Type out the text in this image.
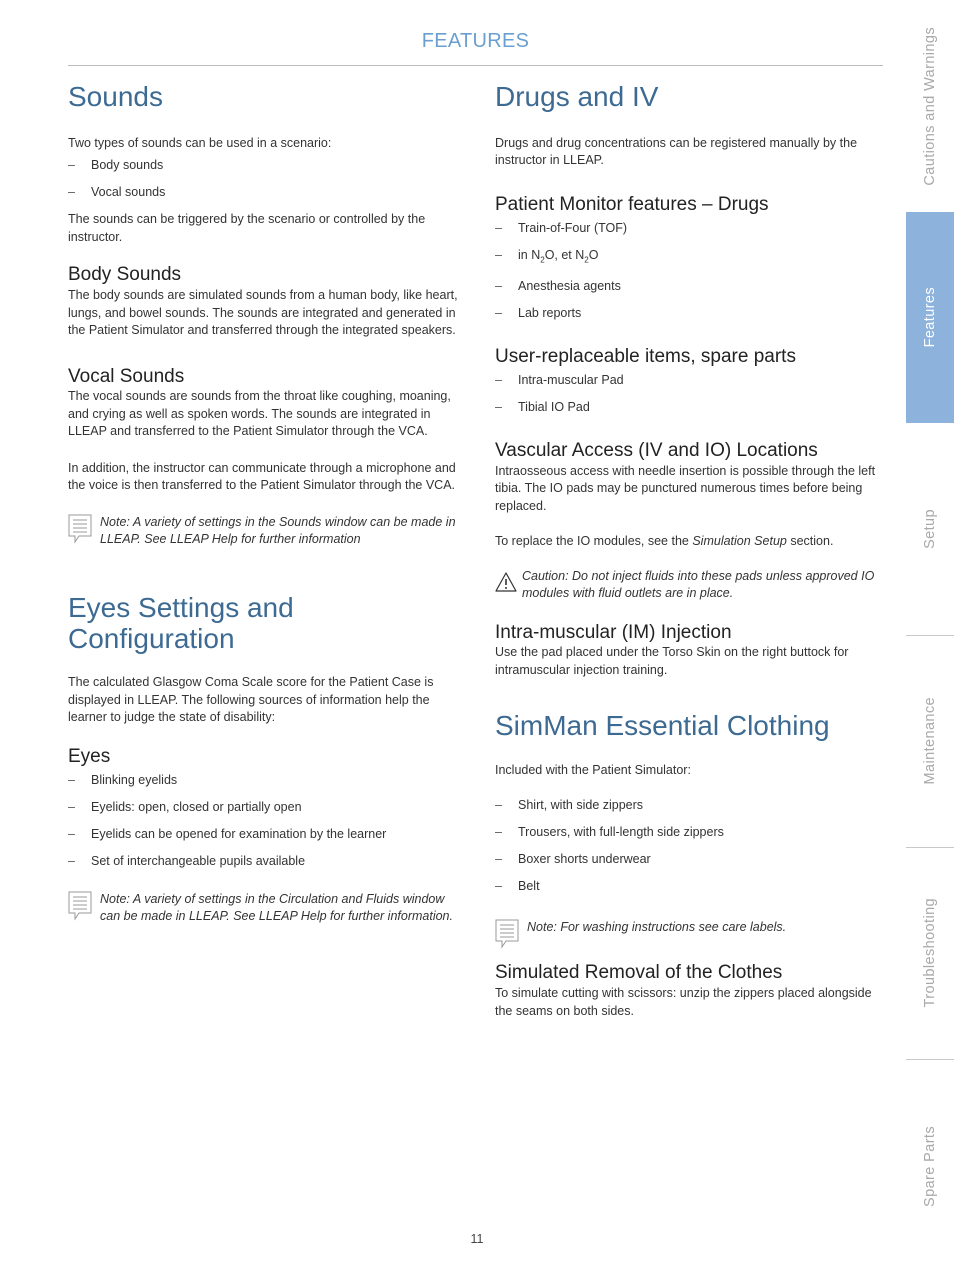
FEATURES
Sounds

Two types of sounds can be used in a scenario:

– Body sounds
– Vocal sounds

The sounds can be triggered by the scenario or controlled by the instructor.

Body Sounds

The body sounds are simulated sounds from a human body, like heart, lungs, and bowel sounds. The sounds are integrated and generated in the Patient Simulator and transferred through the integrated speakers.

Vocal Sounds

The vocal sounds are sounds from the throat like coughing, moaning, and crying as well as spoken words. The sounds are integrated in LLEAP and transferred to the Patient Simulator through the VCA.

In addition, the instructor can communicate through a microphone and the voice is then transferred to the Patient Simulator through the VCA.

Note: A variety of settings in the Sounds window can be made in LLEAP. See LLEAP Help for further information
Eyes Settings and Configuration

The calculated Glasgow Coma Scale score for the Patient Case is displayed in LLEAP. The following sources of information help the learner to judge the state of disability:

Eyes
– Blinking eyelids
– Eyelids: open, closed or partially open
– Eyelids can be opened for examination by the learner
– Set of interchangeable pupils available
Note: A variety of settings in the Circulation and Fluids window can be made in LLEAP. See LLEAP Help for further information.
Drugs and IV

Drugs and drug concentrations can be registered manually by the instructor in LLEAP.

Patient Monitor features – Drugs
– Train-of-Four (TOF)
– in $N_2O$, et $N_2O$
– Anesthesia agents
– Lab reports
User-replaceable items, spare parts
– Intra-muscular Pad
– Tibial IO Pad
Vascular Access (IV and IO) Locations

Intraosseous access with needle insertion is possible through the left tibia. The IO pads may be punctured numerous times before being replaced.

To replace the IO modules, see the Simulation Setup section.

Caution: Do not inject fluids into these pads unless approved IO modules with fluid outlets are in place.
Intra-muscular (IM) Injection

Use the pad placed under the Torso Skin on the right buttock for intramuscular injection training.

SimMan Essential Clothing

Included with the Patient Simulator:

– Shirt, with side zippers
– Trousers, with full-length side zippers
– Boxer shorts underwear
– Belt
Note: For washing instructions see care labels.
Simulated Removal of the Clothes

To simulate cutting with scissors: unzip the zippers placed alongside the seams on both sides.

Cautions and Warnings
Features
Setup
Maintenance
Troubleshooting
Spare Parts
11
